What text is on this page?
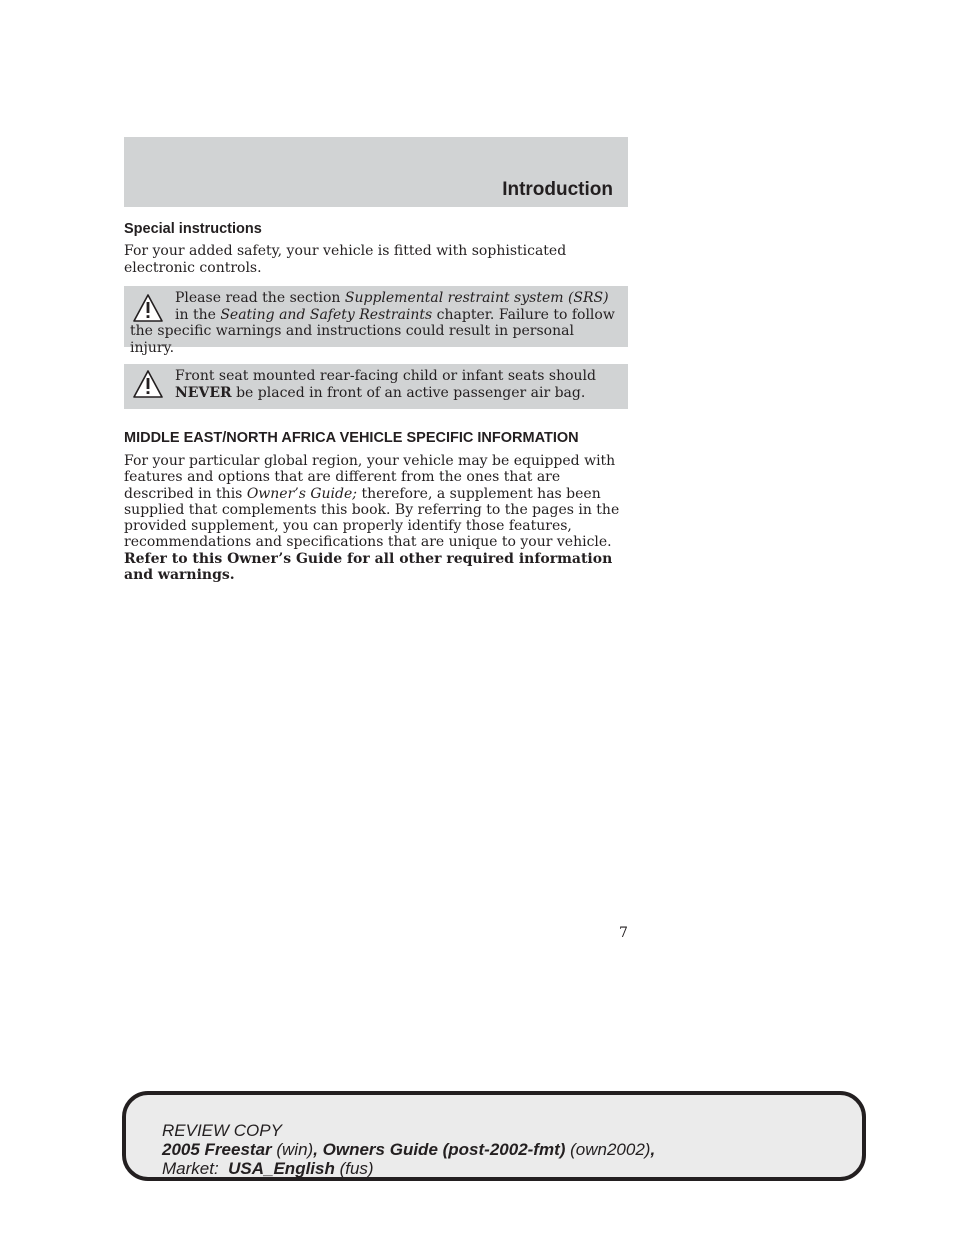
Introduction
Special instructions
For your added safety, your vehicle is fitted with sophisticated electronic controls.
Please read the section Supplemental restraint system (SRS) in the Seating and Safety Restraints chapter. Failure to follow the specific warnings and instructions could result in personal injury.
Front seat mounted rear-facing child or infant seats should NEVER be placed in front of an active passenger air bag.
MIDDLE EAST/NORTH AFRICA VEHICLE SPECIFIC INFORMATION
For your particular global region, your vehicle may be equipped with features and options that are different from the ones that are described in this Owner’s Guide; therefore, a supplement has been supplied that complements this book. By referring to the pages in the provided supplement, you can properly identify those features, recommendations and specifications that are unique to your vehicle. Refer to this Owner’s Guide for all other required information and warnings.
7
REVIEW COPY
2005 Freestar (win), Owners Guide (post-2002-fmt) (own2002),
Market:  USA_English (fus)
